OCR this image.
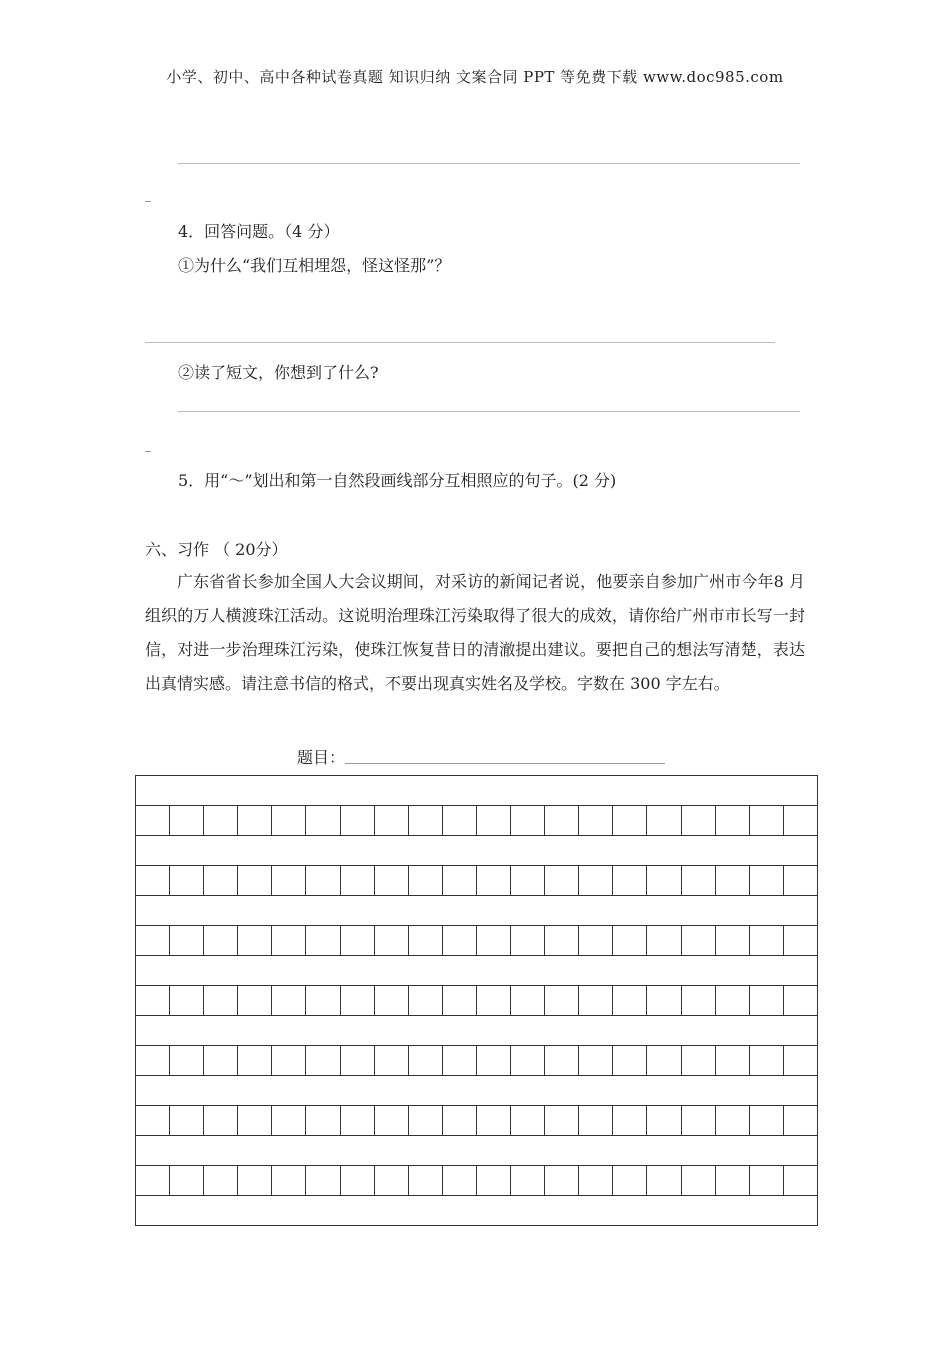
小学、初中、高中各种试卷真题 知识归纳 文案合同 PPT 等免费下载 www.doc985.com
4．回答问题。（4 分）
①为什么“我们互相埋怨，怪这怪那”？
②读了短文，你想到了什么?
5．用“～”划出和第一自然段画线部分互相照应的句子。(2 分)
六、习作 （ 20分）
广东省省长参加全国人大会议期间，对采访的新闻记者说，他要亲自参加广州市今年8 月组织的万人横渡珠江活动。这说明治理珠江污染取得了很大的成效，请你给广州市市长写一封信，对进一步治理珠江污染，使珠江恢复昔日的清澈提出建议。要把自己的想法写清楚，表达出真情实感。请注意书信的格式，不要出现真实姓名及学校。字数在 300 字左右。
题目：
